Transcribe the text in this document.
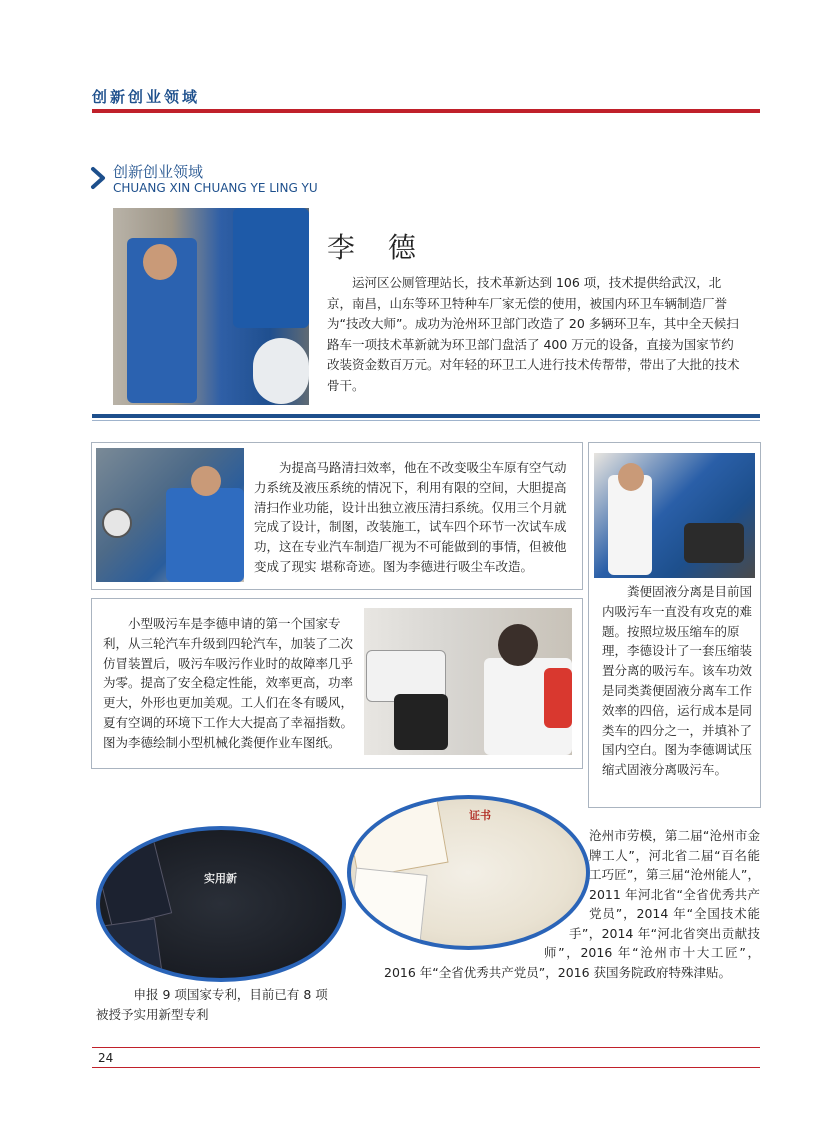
创新创业领域
创新创业领域
CHUANG XIN CHUANG YE LING YU
李 德
运河区公厕管理站长，技术革新达到 106 项，技术提供给武汉，北京，南昌，山东等环卫特种车厂家无偿的使用，被国内环卫车辆制造厂誉为“技改大师”。成功为沧州环卫部门改造了 20 多辆环卫车，其中全天候扫路车一项技术革新就为环卫部门盘活了 400 万元的设备，直接为国家节约改装资金数百万元。对年轻的环卫工人进行技术传帮带，带出了大批的技术骨干。
为提高马路清扫效率，他在不改变吸尘车原有空气动力系统及液压系统的情况下，利用有限的空间，大胆提高清扫作业功能，设计出独立液压清扫系统。仅用三个月就完成了设计，制图，改装施工，试车四个环节一次试车成功，这在专业汽车制造厂视为不可能做到的事情，但被他变成了现实 堪称奇迹。图为李德进行吸尘车改造。
小型吸污车是李德申请的第一个国家专利，从三轮汽车升级到四轮汽车，加装了二次仿冒装置后，吸污车吸污作业时的故障率几乎为零。提高了安全稳定性能，效率更高，功率更大，外形也更加美观。工人们在冬有暖风，夏有空调的环境下工作大大提高了幸福指数。图为李德绘制小型机械化粪便作业车图纸。
粪便固液分离是目前国内吸污车一直没有攻克的难题。按照垃圾压缩车的原理，李德设计了一套压缩装置分离的吸污车。该车功效是同类粪便固液分离车工作效率的四倍，运行成本是同类车的四分之一，并填补了国内空白。图为李德调试压缩式固液分离吸污车。
实用新
申报 9 项国家专利，目前已有 8 项被授予实用新型专利
证书
沧州市劳模，第二届“沧州市金牌工人”，河北省二届“百名能工巧匠”，第三届“沧州能人”，2011 年河北省“全省优秀共产党员”，2014 年“全国技术能手”，2014 年“河北省突出贡献技师”，2016 年“沧州市十大工匠”，2016 年“全省优秀共产党员”，2016 获国务院政府特殊津贴。
24
